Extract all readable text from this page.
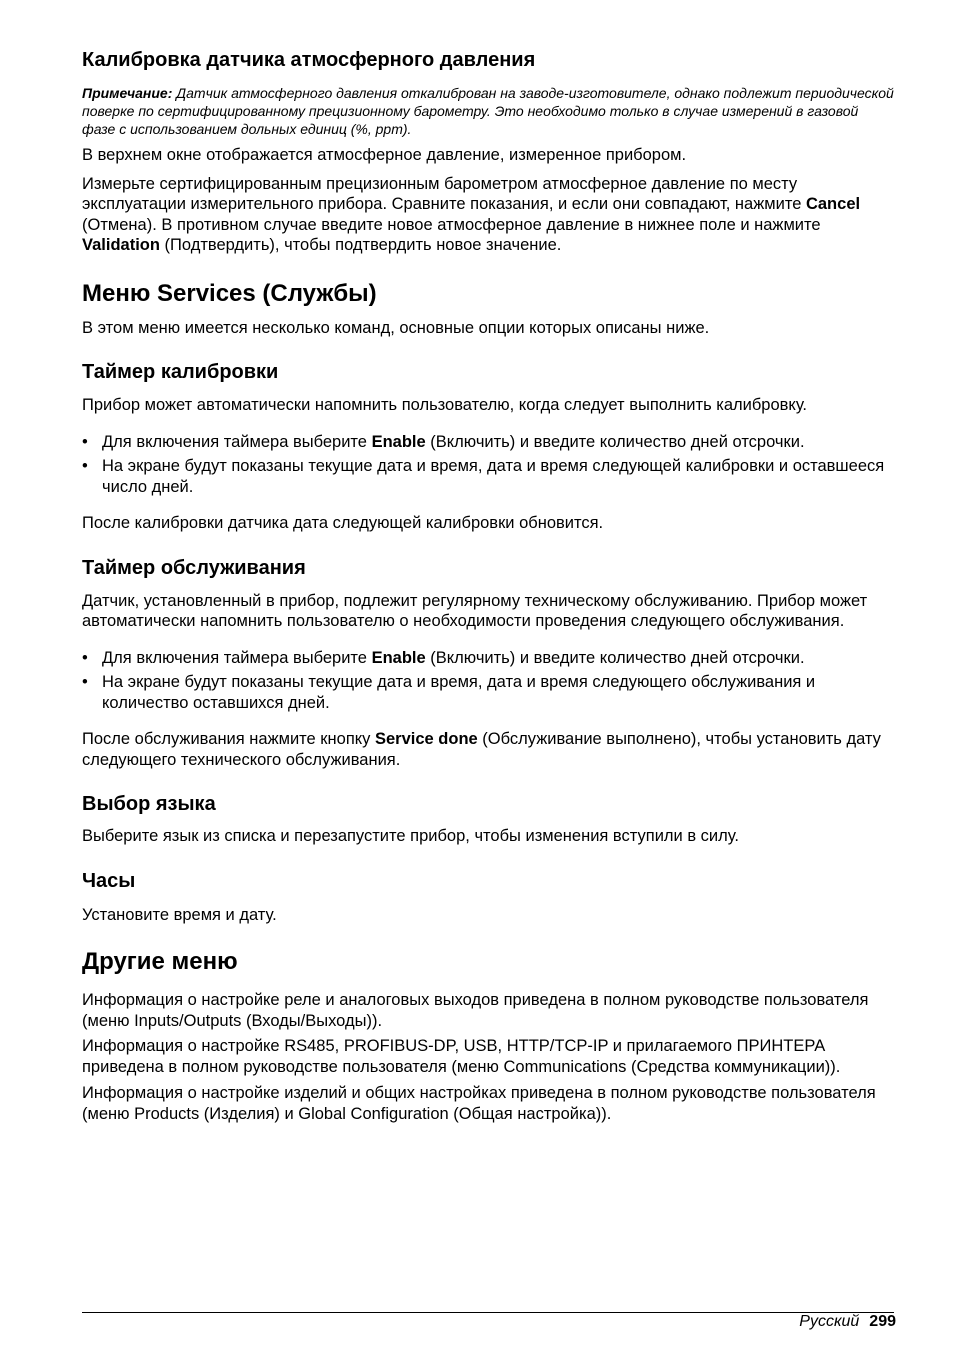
Калибровка датчика атмосферного давления

Примечание: Датчик атмосферного давления откалиброван на заводе-изготовителе, однако подлежит периодической поверке по сертифицированному прецизионному барометру. Это необходимо только в случае измерений в газовой фазе с использованием дольных единиц (%, ppm).

В верхнем окне отображается атмосферное давление, измеренное прибором.

Измерьте сертифицированным прецизионным барометром атмосферное давление по месту эксплуатации измерительного прибора. Сравните показания, и если они совпадают, нажмите Cancel (Отмена). В противном случае введите новое атмосферное давление в нижнее поле и нажмите Validation (Подтвердить), чтобы подтвердить новое значение.

Меню Services (Службы)

В этом меню имеется несколько команд, основные опции которых описаны ниже.

Таймер калибровки

Прибор может автоматически напомнить пользователю, когда следует выполнить калибровку.

• Для включения таймера выберите Enable (Включить) и введите количество дней отсрочки.
• На экране будут показаны текущие дата и время, дата и время следующей калибровки и оставшееся число дней.

После калибровки датчика дата следующей калибровки обновится.

Таймер обслуживания

Датчик, установленный в прибор, подлежит регулярному техническому обслуживанию. Прибор может автоматически напомнить пользователю о необходимости проведения следующего обслуживания.

• Для включения таймера выберите Enable (Включить) и введите количество дней отсрочки.
• На экране будут показаны текущие дата и время, дата и время следующего обслуживания и количество оставшихся дней.

После обслуживания нажмите кнопку Service done (Обслуживание выполнено), чтобы установить дату следующего технического обслуживания.

Выбор языка

Выберите язык из списка и перезапустите прибор, чтобы изменения вступили в силу.

Часы

Установите время и дату.

Другие меню

Информация о настройке реле и аналоговых выходов приведена в полном руководстве пользователя (меню Inputs/Outputs (Входы/Выходы)).

Информация о настройке RS485, PROFIBUS-DP, USB, HTTP/TCP-IP и прилагаемого ПРИНТЕРА приведена в полном руководстве пользователя (меню Communications (Средства коммуникации)).

Информация о настройке изделий и общих настройках приведена в полном руководстве пользователя (меню Products (Изделия) и Global Configuration (Общая настройка)).

Русский 299
